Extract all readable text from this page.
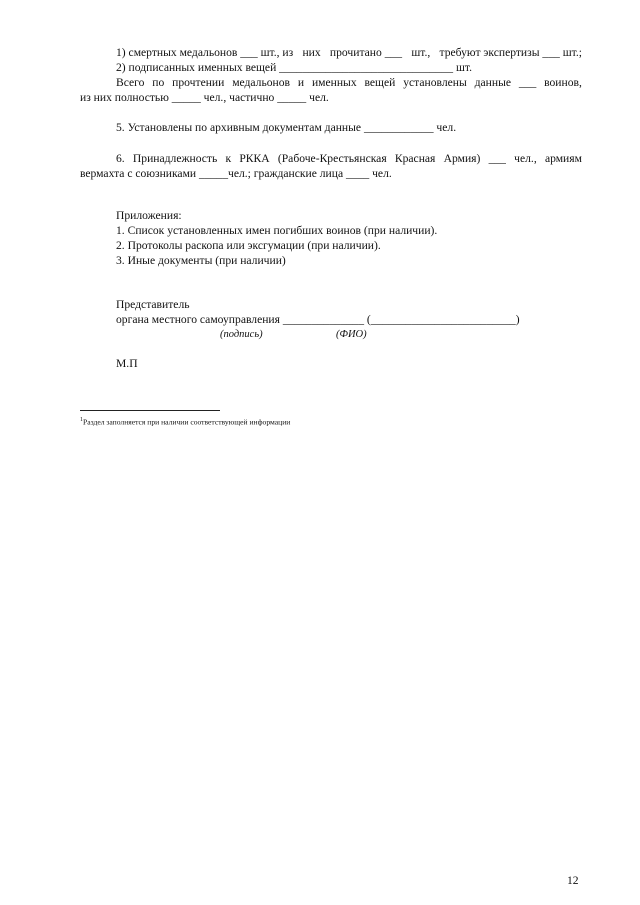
1) смертных медальонов ___ шт., из них прочитано ___ шт., требуют экспертизы ___ шт.;
2) подписанных именных вещей ______________________________ шт.
Всего по прочтении медальонов и именных вещей установлены данные ___ воинов,
из них полностью _____ чел., частично _____ чел.
5. Установлены по архивным документам данные ____________ чел.
6. Принадлежность к РККА (Рабоче-Крестьянская Красная Армия) ___ чел., армиям
вермахта с союзниками _____чел.; гражданские лица ____ чел.
Приложения:
1. Список установленных имен погибших воинов (при наличии).
2. Протоколы раскопа или эксгумации (при наличии).
3. Иные документы (при наличии)
Представитель
органа местного самоуправления ______________ (_________________________)
(подпись)	(ФИО)
М.П
$^1$Раздел заполняется при наличии соответствующей информации
12
